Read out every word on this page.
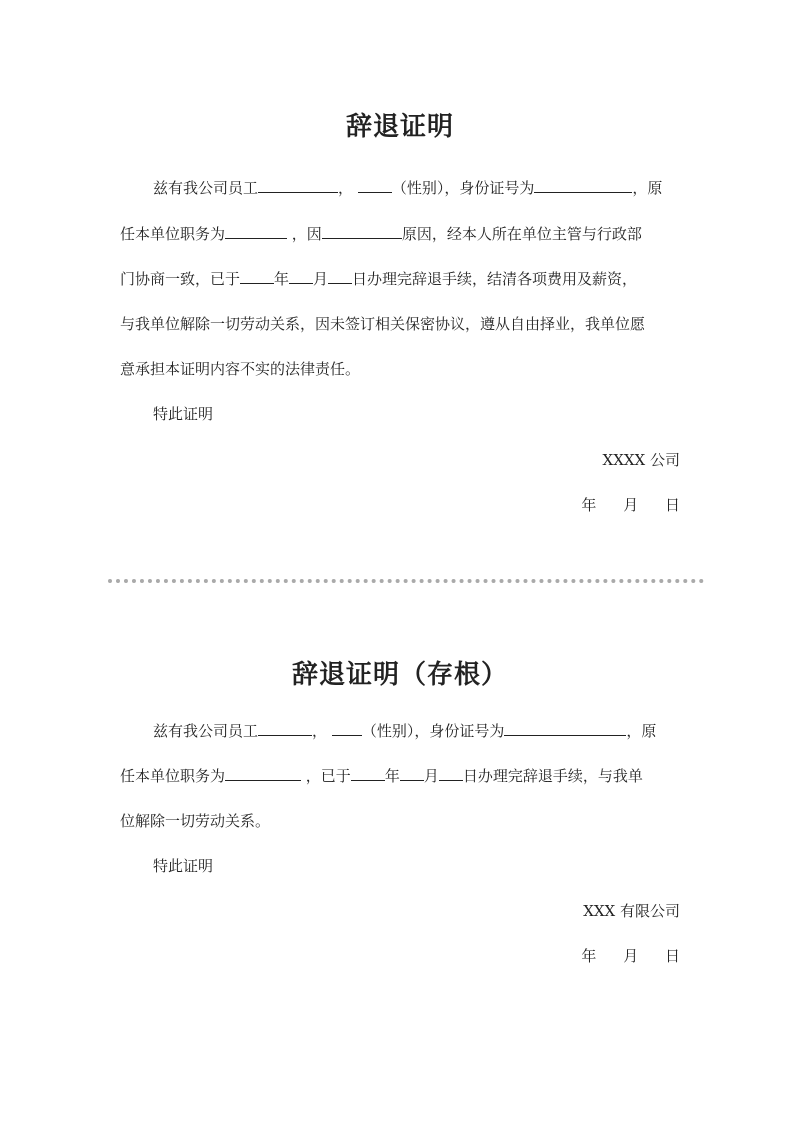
辞退证明
兹有我公司员工	，	（性别），身份证号为	，原
任本单位职务为	，因	原因，经本人所在单位主管与行政部
门协商一致，已于 年 月 日办理完辞退手续，结清各项费用及薪资，
与我单位解除一切劳动关系，因未签订相关保密协议，遵从自由择业，我单位愿
意承担本证明内容不实的法律责任。
特此证明
XXXX 公司
年 月 日
辞退证明（存根）
兹有我公司员工	， （性别），身份证号为	，原
任本单位职务为	，已于 年 月 日办理完辞退手续，与我单
位解除一切劳动关系。
特此证明
XXX 有限公司
年 月 日
